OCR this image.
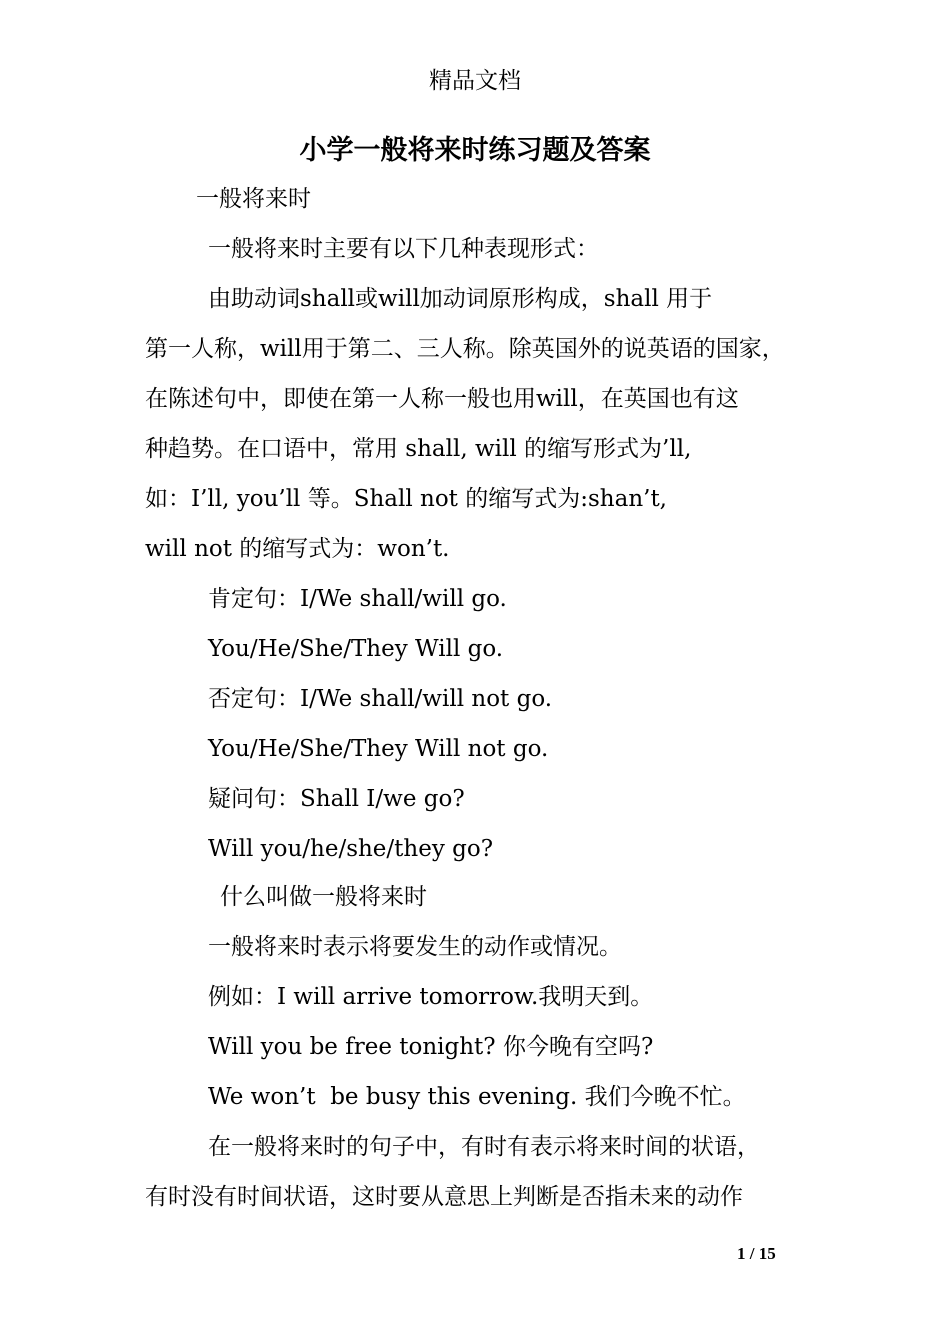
精品文档
小学一般将来时练习题及答案
一般将来时
一般将来时主要有以下几种表现形式：
由助动词shall或will加动词原形构成，shall 用于
第一人称，will用于第二、三人称。除英国外的说英语的国家，
在陈述句中，即使在第一人称一般也用will，在英国也有这
种趋势。在口语中，常用 shall, will 的缩写形式为’ll,
如：I’ll, you’ll 等。Shall not 的缩写式为:shan’t,
will not 的缩写式为：won’t.
肯定句：I/We shall/will go.
You/He/She/They Will go.
否定句：I/We shall/will not go.
You/He/She/They Will not go.
疑问句：Shall I/we go?
Will you/he/she/they go?
什么叫做一般将来时
一般将来时表示将要发生的动作或情况。
例如：I will arrive tomorrow.我明天到。
Will you be free tonight? 你今晚有空吗?
We won’t  be busy this evening. 我们今晚不忙。
在一般将来时的句子中，有时有表示将来时间的状语，
有时没有时间状语，这时要从意思上判断是否指未来的动作
1 / 15
